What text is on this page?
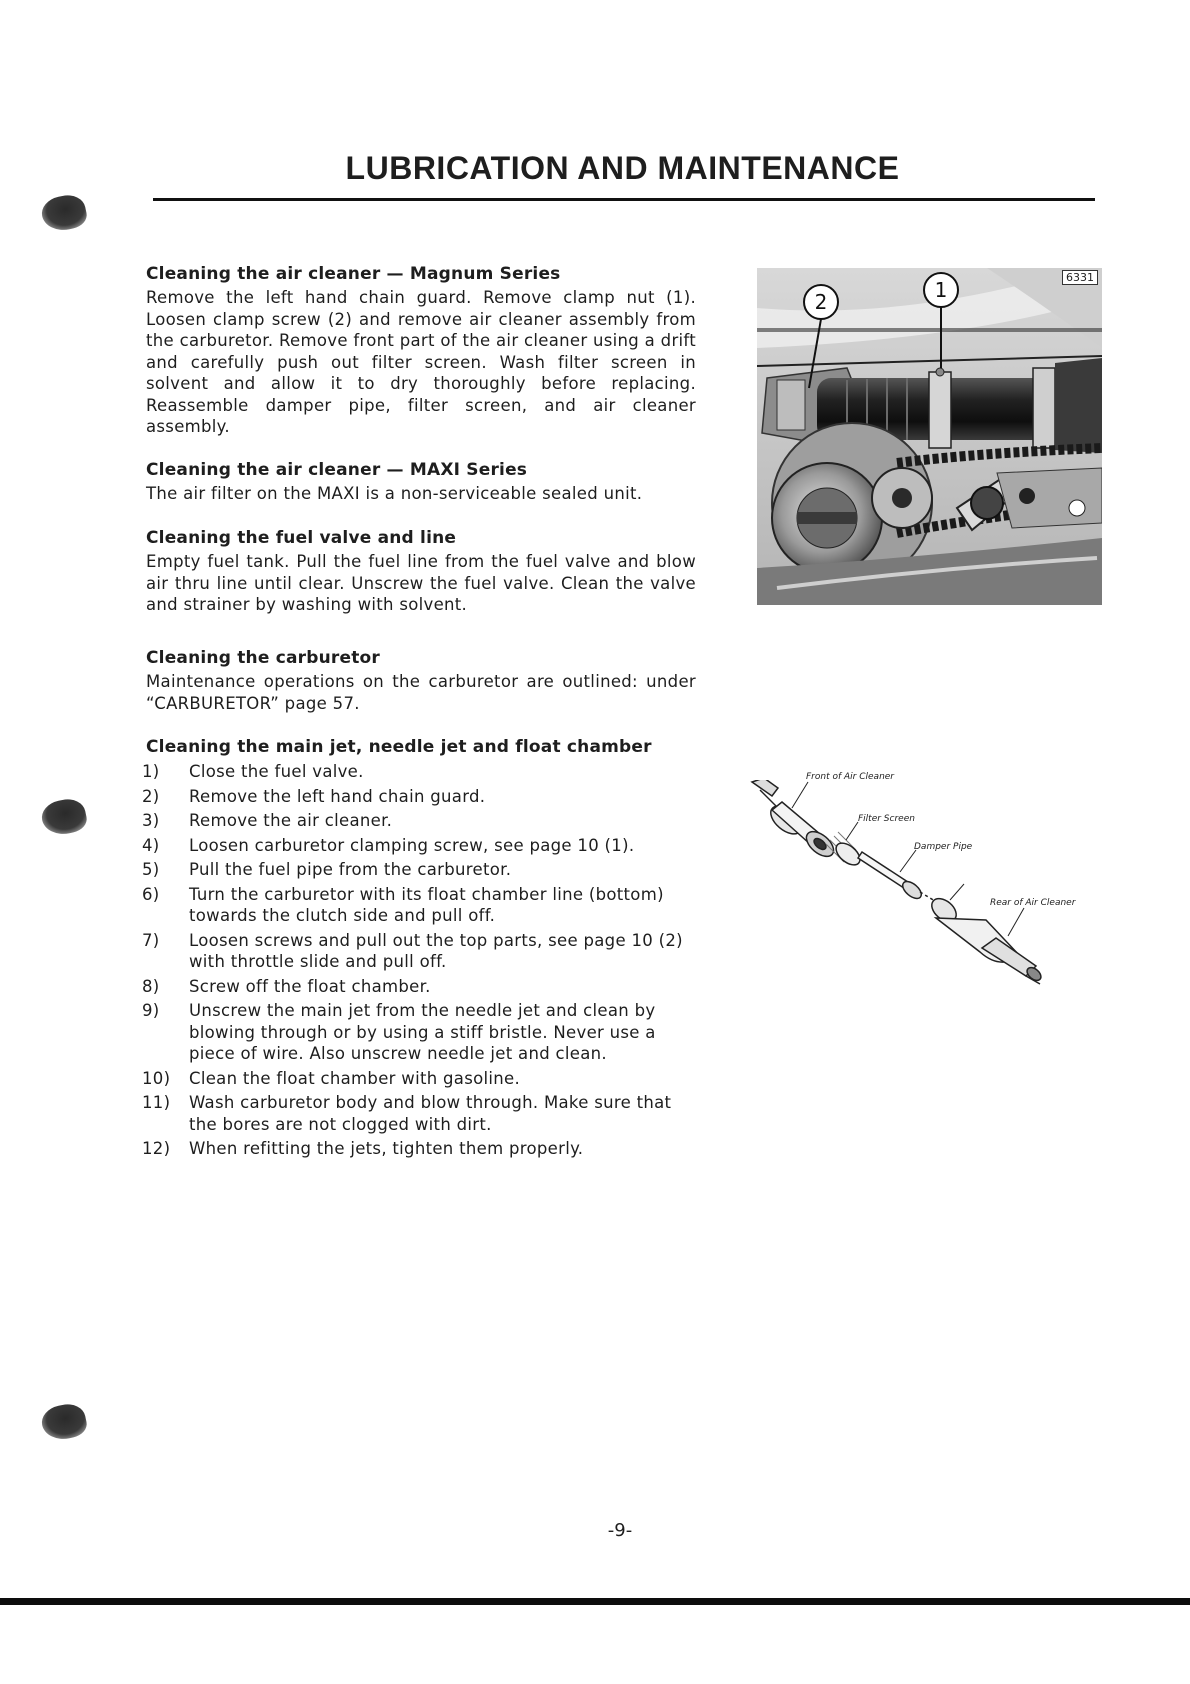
LUBRICATION AND MAINTENANCE
Cleaning the air cleaner — Magnum Series

Remove the left hand chain guard. Remove clamp nut (1). Loosen clamp screw (2) and remove air cleaner assembly from the carburetor. Remove front part of the air cleaner using a drift and carefully push out filter screen. Wash filter screen in solvent and allow it to dry thoroughly before replacing. Reassemble damper pipe, filter screen, and air cleaner assembly.

Cleaning the air cleaner — MAXI Series

The air filter on the MAXI is a non-serviceable sealed unit.

Cleaning the fuel valve and line

Empty fuel tank. Pull the fuel line from the fuel valve and blow air thru line until clear. Unscrew the fuel valve. Clean the valve and strainer by washing with solvent.

Cleaning the carburetor

Maintenance operations on the carburetor are outlined: under “CARBURETOR” page 57.

Cleaning the main jet, needle jet and float chamber
1)	Close the fuel valve.
2)	Remove the left hand chain guard.
3)	Remove the air cleaner.
4)	Loosen carburetor clamping screw, see page 10 (1).
5)	Pull the fuel pipe from the carburetor.
6)	Turn the carburetor with its float chamber line (bottom) towards the clutch side and pull off.
7)	Loosen screws and pull out the top parts, see page 10 (2) with throttle slide and pull off.
8)	Screw off the float chamber.
9)	Unscrew the main jet from the needle jet and clean by blowing through or by using a stiff bristle. Never use a piece of wire. Also unscrew needle jet and clean.
10)	Clean the float chamber with gasoline.
11)	Wash carburetor body and blow through. Make sure that the bores are not clogged with dirt.
12)	When refitting the jets, tighten them properly.
2	1
6331
Front of Air Cleaner
Filter Screen
Damper Pipe
Rear of Air Cleaner
-9-
